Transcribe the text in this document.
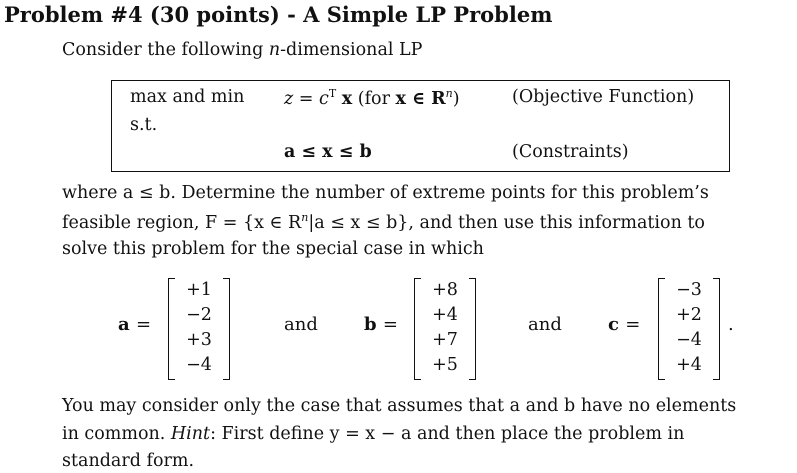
Problem #4 (30 points) - A Simple LP Problem
Consider the following n-dimensional LP
max and $\min z = c^T$ x (for x ∈ $R^n$)	(Objective Function)
s.t.
a ≤ x ≤ b	(Constraints)
where a ≤ b. Determine the number of extreme points for this problem’s
feasible region, F = {x ∈ $R^n|a \le x \le b$}, and then use this information to
solve this problem for the special case in which
a =
+1
−2
+3
−4
and	b =
+8
+4
+7
+5
and	c =
−3
+2
−4
+4
.
You may consider only the case that assumes that a and b have no elements
in common. Hint: First define y = x − a and then place the problem in
standard form.
